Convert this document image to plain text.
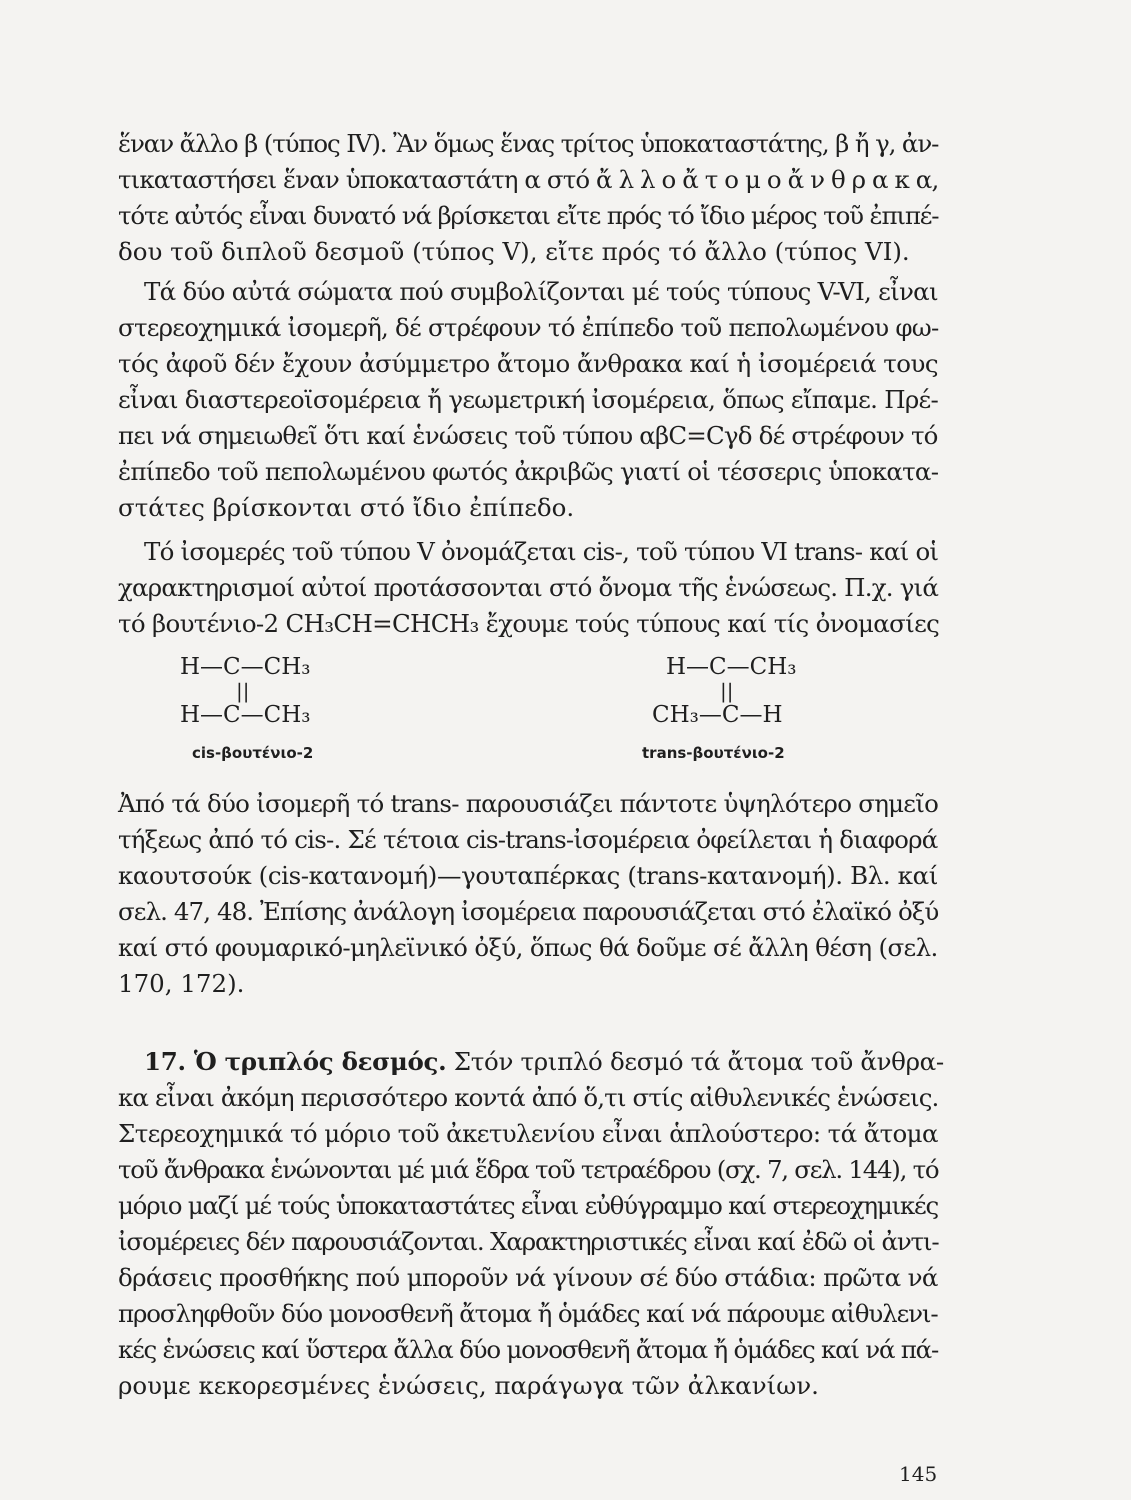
ἕναν ἄλλο β (τύπος IV). Ἂν ὅμως ἕνας τρίτος ὑποκαταστάτης, β ἤ γ, ἀν-
τικαταστήσει ἕναν ὑποκαταστάτη α στό ἄ λ λ ο ἄ τ ο μ ο ἄ ν θ ρ α κ α,
τότε αὐτός εἶναι δυνατό νά βρίσκεται εἴτε πρός τό ἴδιο μέρος τοῦ ἐπιπέ-
δου τοῦ διπλοῦ δεσμοῦ (τύπος V), εἴτε πρός τό ἄλλο (τύπος VI).
Τά δύο αὐτά σώματα πού συμβολίζονται μέ τούς τύπους V-VI, εἶναι
στερεοχημικά ἰσομερῆ, δέ στρέφουν τό ἐπίπεδο τοῦ πεπολωμένου φω-
τός ἀφοῦ δέν ἔχουν ἀσύμμετρο ἄτομο ἄνθρακα καί ἡ ἰσομέρειά τους
εἶναι διαστερεοϊσομέρεια ἤ γεωμετρική ἰσομέρεια, ὅπως εἴπαμε. Πρέ-
πει νά σημειωθεῖ ὅτι καί ἑνώσεις τοῦ τύπου αβC=Cγδ δέ στρέφουν τό
ἐπίπεδο τοῦ πεπολωμένου φωτός ἀκριβῶς γιατί οἱ τέσσερις ὑποκατα-
στάτες βρίσκονται στό ἴδιο ἐπίπεδο.
Τό ἰσομερές τοῦ τύπου V ὀνομάζεται cis-, τοῦ τύπου VI trans- καί οἱ
χαρακτηρισμοί αὐτοί προτάσσονται στό ὄνομα τῆς ἑνώσεως. Π.χ. γιά
τό βουτένιο-2 CH₃CH=CHCH₃ ἔχουμε τούς τύπους καί τίς ὀνομασίες
H—C—CH₃
||
H—C—CH₃
cis-βουτένιο-2
H—C—CH₃
||
CH₃—C—H
trans-βουτένιο-2
Ἀπό τά δύο ἰσομερῆ τό trans- παρουσιάζει πάντοτε ὑψηλότερο σημεῖο
τήξεως ἀπό τό cis-. Σέ τέτοια cis-trans-ἰσομέρεια ὀφείλεται ἡ διαφορά
καουτσούκ (cis-κατανομή)—γουταπέρκας (trans-κατανομή). Βλ. καί
σελ. 47, 48. Ἐπίσης ἀνάλογη ἰσομέρεια παρουσιάζεται στό ἐλαϊκό ὀξύ
καί στό φουμαρικό-μηλεϊνικό ὀξύ, ὅπως θά δοῦμε σέ ἄλλη θέση (σελ.
170, 172).
17. Ὁ τριπλός δεσμός. Στόν τριπλό δεσμό τά ἄτομα τοῦ ἄνθρα-
κα εἶναι ἀκόμη περισσότερο κοντά ἀπό ὅ,τι στίς αἰθυλενικές ἑνώσεις.
Στερεοχημικά τό μόριο τοῦ ἀκετυλενίου εἶναι ἁπλούστερο: τά ἄτομα
τοῦ ἄνθρακα ἑνώνονται μέ μιά ἕδρα τοῦ τετραέδρου (σχ. 7, σελ. 144), τό
μόριο μαζί μέ τούς ὑποκαταστάτες εἶναι εὐθύγραμμο καί στερεοχημικές
ἰσομέρειες δέν παρουσιάζονται. Χαρακτηριστικές εἶναι καί ἐδῶ οἱ ἀντι-
δράσεις προσθήκης πού μποροῦν νά γίνουν σέ δύο στάδια: πρῶτα νά
προσληφθοῦν δύο μονοσθενῆ ἄτομα ἤ ὁμάδες καί νά πάρουμε αἰθυλενι-
κές ἑνώσεις καί ὕστερα ἄλλα δύο μονοσθενῆ ἄτομα ἤ ὁμάδες καί νά πά-
ρουμε κεκορεσμένες ἑνώσεις, παράγωγα τῶν ἀλκανίων.
145
